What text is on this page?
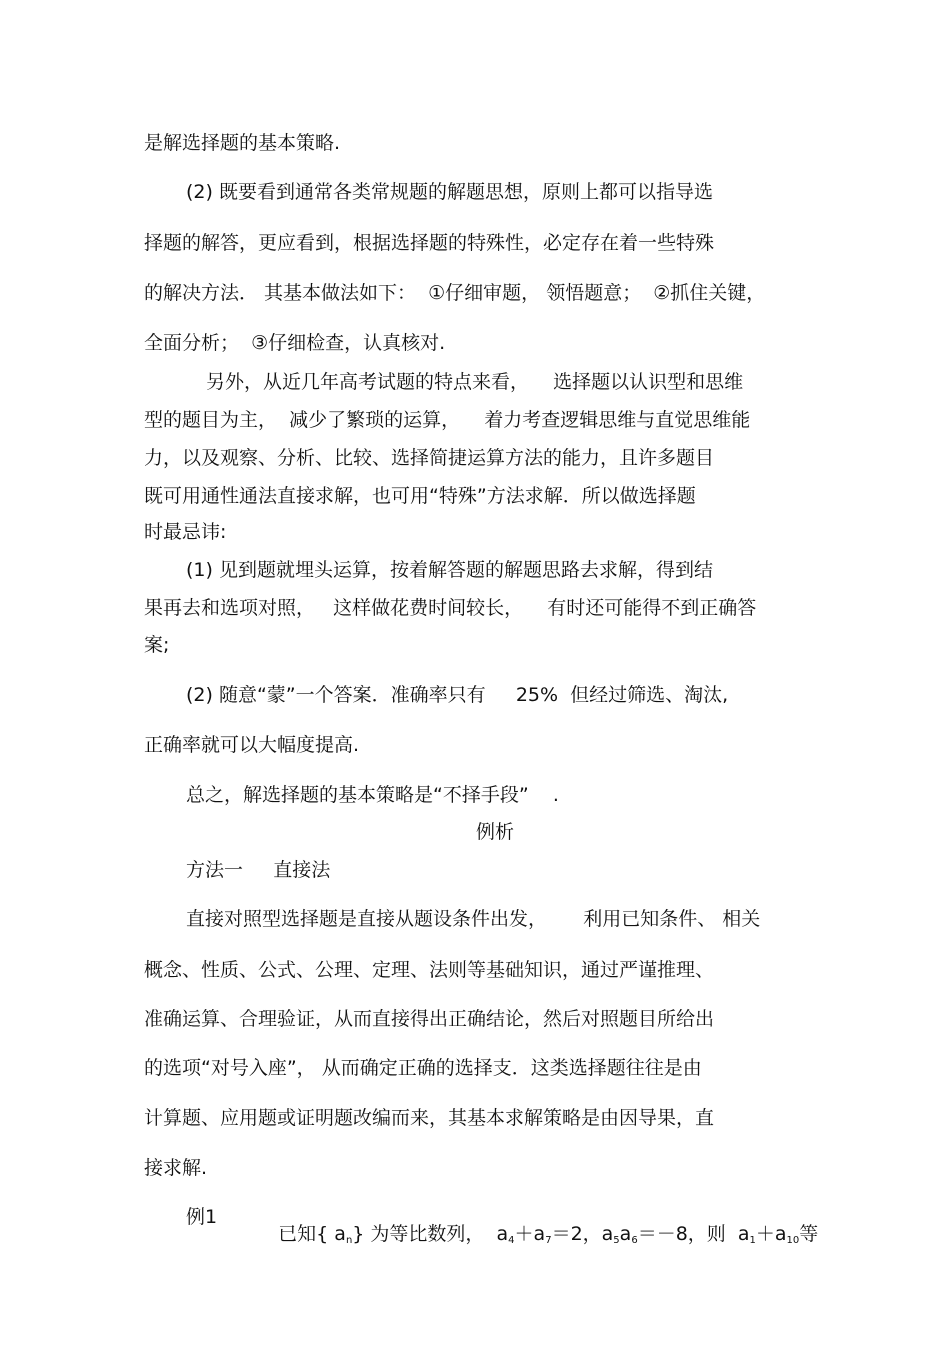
是解选择题的基本策略.
(2) 既要看到通常各类常规题的解题思想，原则上都可以指导选
择题的解答，更应看到，根据选择题的特殊性，必定存在着一些特殊
的解决方法． 其基本做法如下：  ①仔细审题， 领悟题意；  ②抓住关键，
全面分析；  ③仔细检查，认真核对.
另外，从近几年高考试题的特点来看，    选择题以认识型和思维
型的题目为主，  减少了繁琐的运算，    着力考查逻辑思维与直觉思维能
力，以及观察、分析、比较、选择简捷运算方法的能力，且许多题目
既可用通性通法直接求解，也可用“特殊”方法求解．所以做选择题
时最忌讳:
(1) 见到题就埋头运算，按着解答题的解题思路去求解，得到结
果再去和选项对照，   这样做花费时间较长，    有时还可能得不到正确答
案;
(2) 随意“蒙”一个答案．准确率只有     25%  但经过筛选、淘汰,
正确率就可以大幅度提高.
总之，解选择题的基本策略是“不择手段”    .
例析
方法一     直接法
直接对照型选择题是直接从题设条件出发，      利用已知条件、 相关
概念、性质、公式、公理、定理、法则等基础知识，通过严谨推理、
准确运算、合理验证，从而直接得出正确结论，然后对照题目所给出
的选项“对号入座”， 从而确定正确的选择支．这类选择题往往是由
计算题、应用题或证明题改编而来，其基本求解策略是由因导果，直
接求解.
例1

已知{ $a_n$} 为等比数列，  $a_4+a_7=2$，$a_5a_6=-8$，则  $a_1+a_{10}$等
